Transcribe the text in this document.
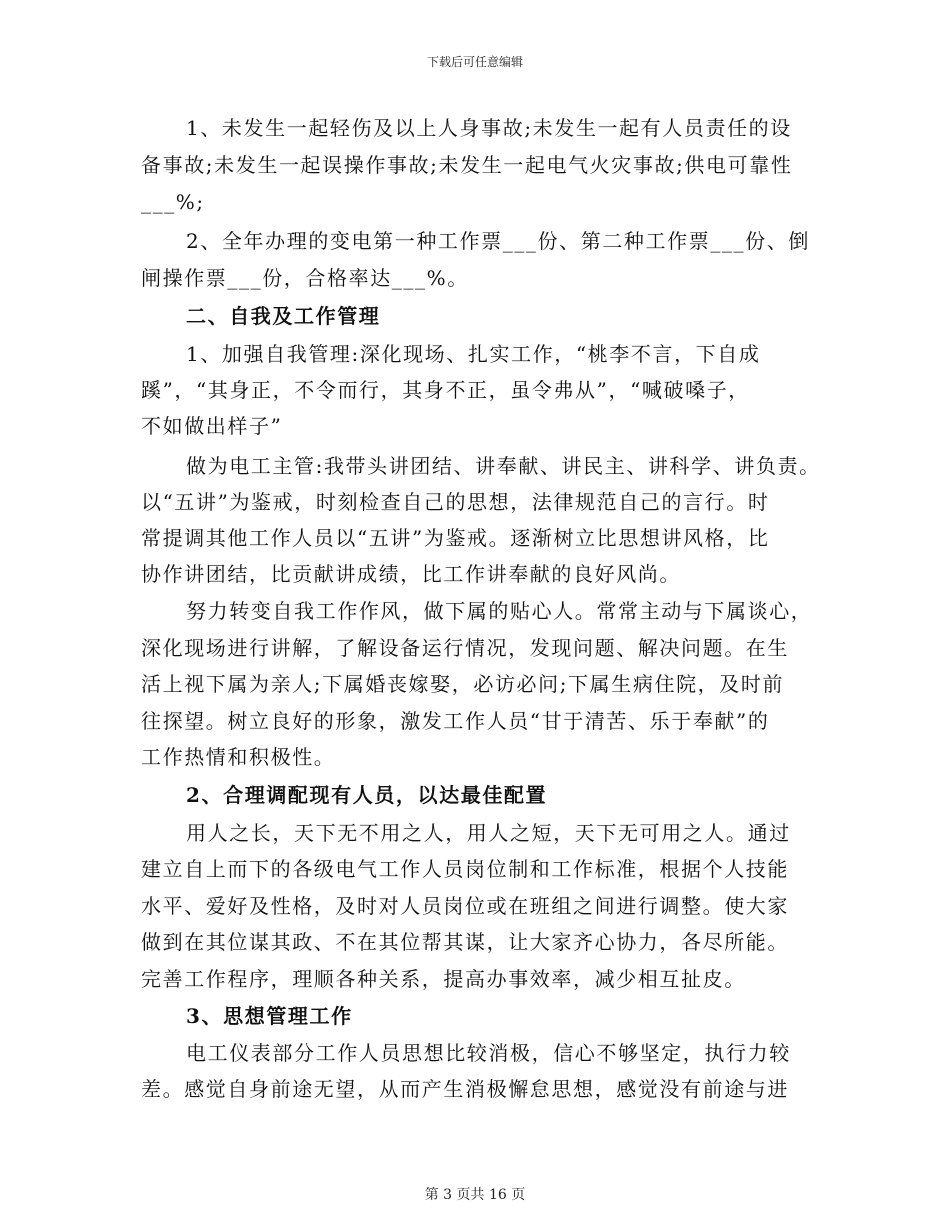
下载后可任意编辑
1、未发生一起轻伤及以上人身事故;未发生一起有人员责任的设
备事故;未发生一起误操作事故;未发生一起电气火灾事故;供电可靠性
___%;
2、全年办理的变电第一种工作票___份、第二种工作票___份、倒
闸操作票___份，合格率达___%。
二、自我及工作管理
1、加强自我管理:深化现场、扎实工作，“桃李不言，下自成
蹊”，“其身正，不令而行，其身不正，虽令弗从”，“喊破嗓子，
不如做出样子”
做为电工主管:我带头讲团结、讲奉献、讲民主、讲科学、讲负责。
以“五讲”为鉴戒，时刻检查自己的思想，法律规范自己的言行。时
常提调其他工作人员以“五讲”为鉴戒。逐渐树立比思想讲风格，比
协作讲团结，比贡献讲成绩，比工作讲奉献的良好风尚。
努力转变自我工作作风，做下属的贴心人。常常主动与下属谈心，
深化现场进行讲解，了解设备运行情况，发现问题、解决问题。在生
活上视下属为亲人;下属婚丧嫁娶，必访必问;下属生病住院，及时前
往探望。树立良好的形象，激发工作人员“甘于清苦、乐于奉献”的
工作热情和积极性。
2、合理调配现有人员，以达最佳配置
用人之长，天下无不用之人，用人之短，天下无可用之人。通过
建立自上而下的各级电气工作人员岗位制和工作标准，根据个人技能
水平、爱好及性格，及时对人员岗位或在班组之间进行调整。使大家
做到在其位谋其政、不在其位帮其谋，让大家齐心协力，各尽所能。
完善工作程序，理顺各种关系，提高办事效率，减少相互扯皮。
3、思想管理工作
电工仪表部分工作人员思想比较消极，信心不够坚定，执行力较
差。感觉自身前途无望，从而产生消极懈怠思想，感觉没有前途与进
第 3 页共 16 页
